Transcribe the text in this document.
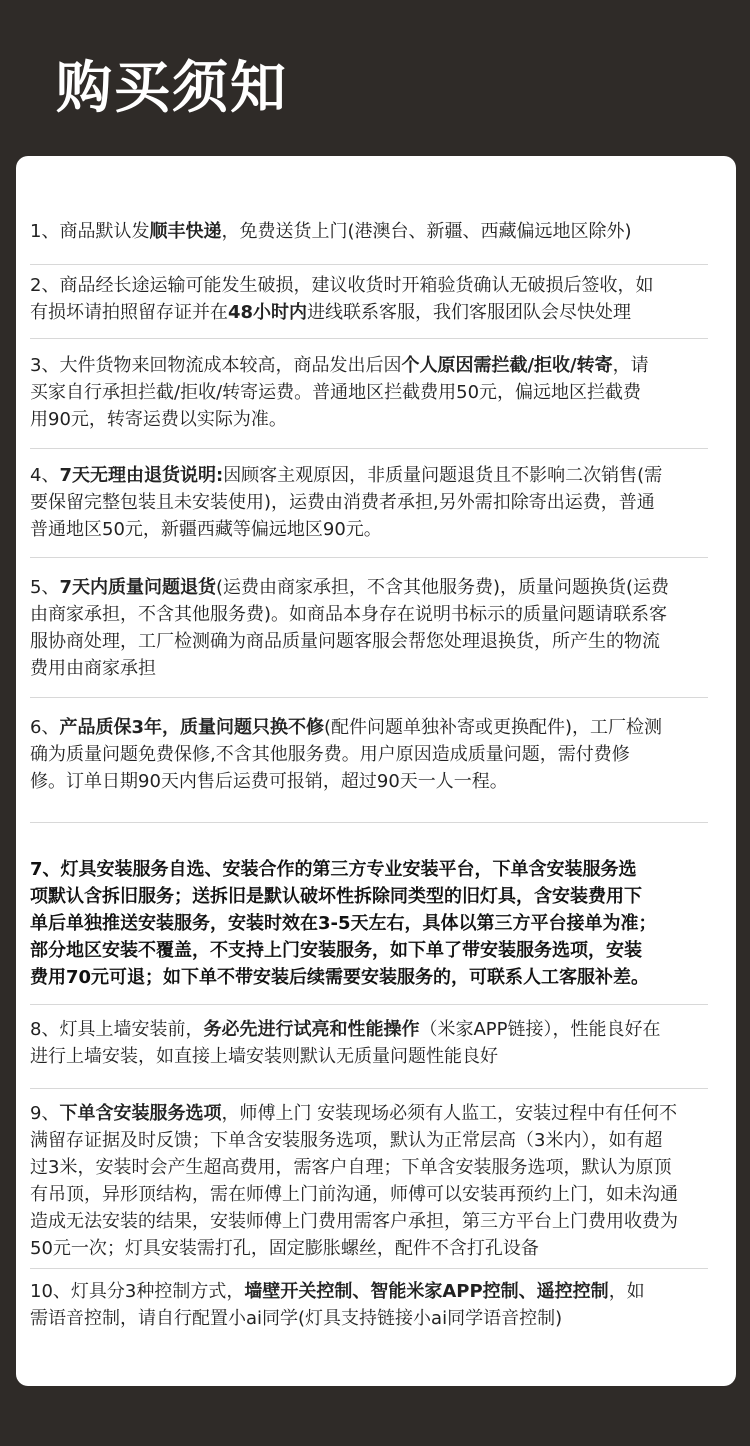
购买须知
1、商品默认发顺丰快递，免费送货上门(港澳台、新疆、西藏偏远地区除外)
2、商品经长途运输可能发生破损，建议收货时开箱验货确认无破损后签收，如
有损坏请拍照留存证并在48小时内进线联系客服，我们客服团队会尽快处理
3、大件货物来回物流成本较高，商品发出后因个人原因需拦截/拒收/转寄，请
买家自行承担拦截/拒收/转寄运费。普通地区拦截费用50元，偏远地区拦截费
用90元，转寄运费以实际为准。
4、7天无理由退货说明:因顾客主观原因，非质量问题退货且不影响二次销售(需
要保留完整包装且未安装使用)，运费由消费者承担,另外需扣除寄出运费，普通
普通地区50元，新疆西藏等偏远地区90元。
5、7天内质量问题退货(运费由商家承担，不含其他服务费)，质量问题换货(运费
由商家承担，不含其他服务费)。如商品本身存在说明书标示的质量问题请联系客
服协商处理，工厂检测确为商品质量问题客服会帮您处理退换货，所产生的物流
费用由商家承担
6、产品质保3年，质量问题只换不修(配件问题单独补寄或更换配件)，工厂检测
确为质量问题免费保修,不含其他服务费。用户原因造成质量问题，需付费修
修。订单日期90天内售后运费可报销，超过90天一人一程。
7、灯具安装服务自选、安装合作的第三方专业安装平台，下单含安装服务选
项默认含拆旧服务；送拆旧是默认破坏性拆除同类型的旧灯具，含安装费用下
单后单独推送安装服务，安装时效在3-5天左右，具体以第三方平台接单为准；
部分地区安装不覆盖，不支持上门安装服务，如下单了带安装服务选项，安装
费用70元可退；如下单不带安装后续需要安装服务的，可联系人工客服补差。
8、灯具上墙安装前，务必先进行试亮和性能操作（米家APP链接），性能良好在
进行上墙安装，如直接上墙安装则默认无质量问题性能良好
9、下单含安装服务选项，师傅上门 安装现场必须有人监工，安装过程中有任何不
满留存证据及时反馈；下单含安装服务选项，默认为正常层高（3米内），如有超
过3米，安装时会产生超高费用，需客户自理；下单含安装服务选项，默认为原顶
有吊顶，异形顶结构，需在师傅上门前沟通，师傅可以安装再预约上门，如未沟通
造成无法安装的结果，安装师傅上门费用需客户承担，第三方平台上门费用收费为
50元一次；灯具安装需打孔，固定膨胀螺丝，配件不含打孔设备
10、灯具分3种控制方式，墙壁开关控制、智能米家APP控制、遥控控制，如
需语音控制，请自行配置小ai同学(灯具支持链接小ai同学语音控制)
